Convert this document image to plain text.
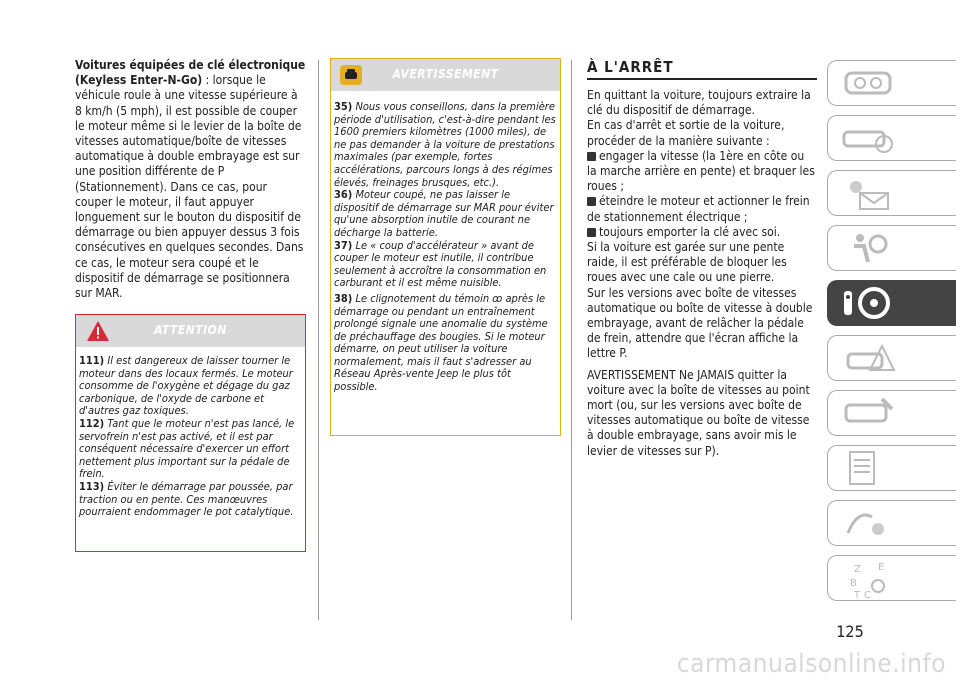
Voitures équipées de clé électronique (Keyless Enter-N-Go) : lorsque le véhicule roule à une vitesse supérieure à 8 km/h (5 mph), il est possible de couper le moteur même si le levier de la boîte de vitesses automatique/boîte de vitesses automatique à double embrayage est sur une position différente de P (Stationnement). Dans ce cas, pour couper le moteur, il faut appuyer longuement sur le bouton du dispositif de démarrage ou bien appuyer dessus 3 fois consécutives en quelques secondes. Dans ce cas, le moteur sera coupé et le dispositif de démarrage se positionnera sur MAR.

ATTENTION

111) Il est dangereux de laisser tourner le moteur dans des locaux fermés. Le moteur consomme de l'oxygène et dégage du gaz carbonique, de l'oxyde de carbone et d'autres gaz toxiques.

112) Tant que le moteur n'est pas lancé, le servofrein n'est pas activé, et il est par conséquent nécessaire d'exercer un effort nettement plus important sur la pédale de frein.

113) Éviter le démarrage par poussée, par traction ou en pente. Ces manœuvres pourraient endommager le pot catalytique.

AVERTISSEMENT

35) Nous vous conseillons, dans la première période d'utilisation, c'est-à-dire pendant les 1600 premiers kilomètres (1000 miles), de ne pas demander à la voiture de prestations maximales (par exemple, fortes accélérations, parcours longs à des régimes élevés, freinages brusques, etc.).

36) Moteur coupé, ne pas laisser le dispositif de démarrage sur MAR pour éviter qu'une absorption inutile de courant ne décharge la batterie.

37) Le « coup d'accélérateur » avant de couper le moteur est inutile, il contribue seulement à accroître la consommation en carburant et il est même nuisible.

38) Le clignotement du témoin ꝏ après le démarrage ou pendant un entraînement prolongé signale une anomalie du système de préchauffage des bougies. Si le moteur démarre, on peut utiliser la voiture normalement, mais il faut s'adresser au Réseau Après-vente Jeep le plus tôt possible.

À L'ARRÊT

En quittant la voiture, toujours extraire la clé du dispositif de démarrage.

En cas d'arrêt et sortie de la voiture, procéder de la manière suivante :

engager la vitesse (la 1ère en côte ou la marche arrière en pente) et braquer les roues ;

éteindre le moteur et actionner le frein de stationnement électrique ;

toujours emporter la clé avec soi.

Si la voiture est garée sur une pente raide, il est préférable de bloquer les roues avec une cale ou une pierre.

Sur les versions avec boîte de vitesses automatique ou boîte de vitesse à double embrayage, avant de relâcher la pédale de frein, attendre que l'écran affiche la lettre P.

AVERTISSEMENT Ne JAMAIS quitter la voiture avec la boîte de vitesses au point mort (ou, sur les versions avec boîte de vitesses automatique ou boîte de vitesse à double embrayage, sans avoir mis le levier de vitesses sur P).

Z E
B
C
T
125
carmanualsonline.info
